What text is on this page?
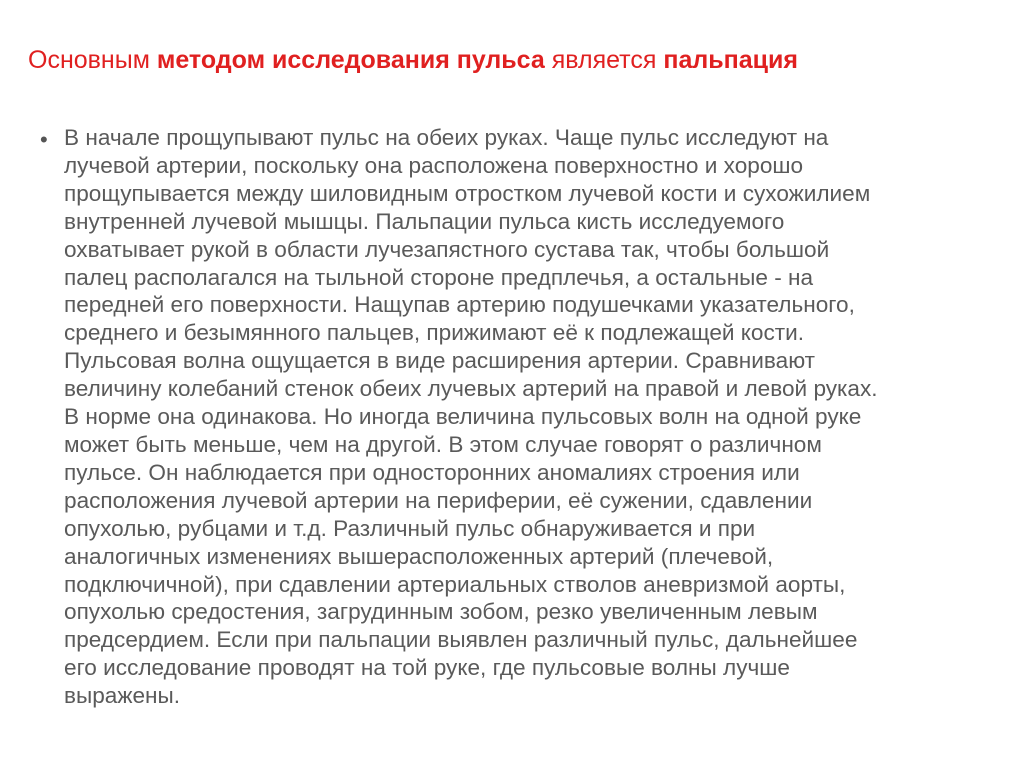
Основным методом исследования пульса является пальпация
• В начале прощупывают пульс на обеих руках. Чаще пульс исследуют на
лучевой артерии, поскольку она расположена поверхностно и хорошо
прощупывается между шиловидным отростком лучевой кости и сухожилием
внутренней лучевой мышцы. Пальпации пульса кисть исследуемого
охватывает рукой в области лучезапястного сустава так, чтобы большой
палец располагался на тыльной стороне предплечья, а остальные - на
передней его поверхности. Нащупав артерию подушечками указательного,
среднего и безымянного пальцев, прижимают её к подлежащей кости.
Пульсовая волна ощущается в виде расширения артерии. Сравнивают
величину колебаний стенок обеих лучевых артерий на правой и левой руках.
В норме она одинакова. Но иногда величина пульсовых волн на одной руке
может быть меньше, чем на другой. В этом случае говорят о различном
пульсе. Он наблюдается при односторонних аномалиях строения или
расположения лучевой артерии на периферии, её сужении, сдавлении
опухолью, рубцами и т.д. Различный пульс обнаруживается и при
аналогичных изменениях вышерасположенных артерий (плечевой,
подключичной), при сдавлении артериальных стволов аневризмой аорты,
опухолью средостения, загрудинным зобом, резко увеличенным левым
предсердием. Если при пальпации выявлен различный пульс, дальнейшее
его исследование проводят на той руке, где пульсовые волны лучше
выражены.
